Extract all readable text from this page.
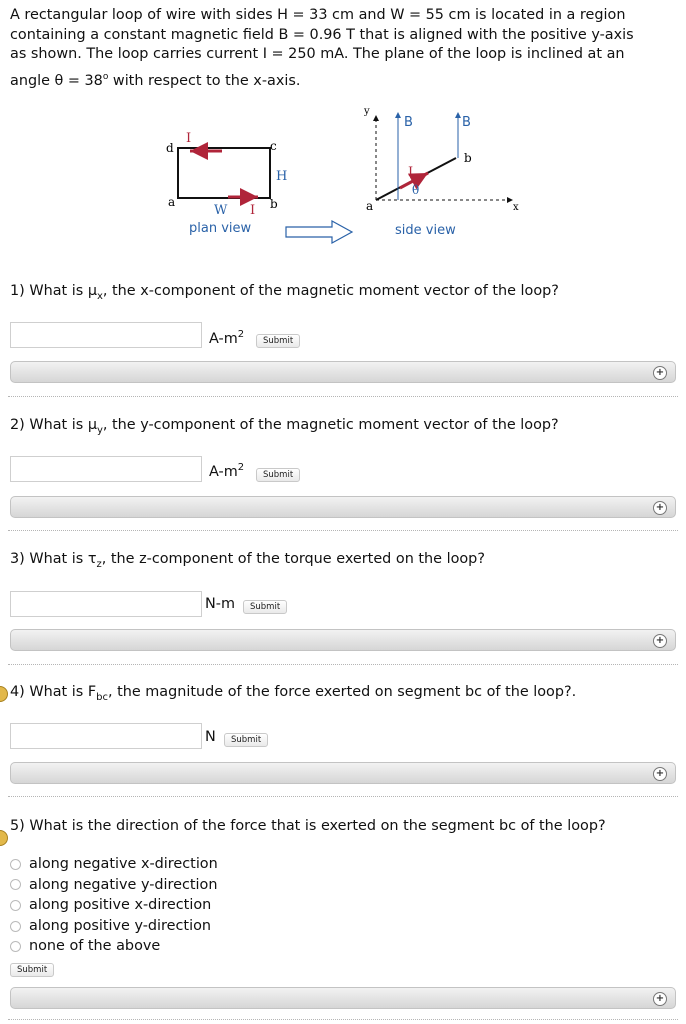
A rectangular loop of wire with sides H = 33 cm and W = 55 cm is located in a region
containing a constant magnetic field B = 0.96 T that is aligned with the positive y-axis
as shown. The loop carries current I = 250 mA. The plane of the loop is inclined at an
angle $\theta = 38^o$ with respect to the x-axis.
d	c
a	b
I
I
H
W
plan view
y
x
B	B
I
θ
a
b
side view
1) What is $\mu_x$, the x-component of the magnetic moment vector of the loop?
$A-m^2$
Submit
+
2) What is $\mu_y$, the y-component of the magnetic moment vector of the loop?
$A-m^2$
Submit
+
3) What is $\tau_z$, the z-component of the torque exerted on the loop?
N-m	Submit
+
4) What is $F_{bc}$, the magnitude of the force exerted on segment bc of the loop?.
N	Submit
+
5) What is the direction of the force that is exerted on the segment bc of the loop?
along negative x-direction
along negative y-direction
along positive x-direction
along positive y-direction
none of the above
Submit
+
